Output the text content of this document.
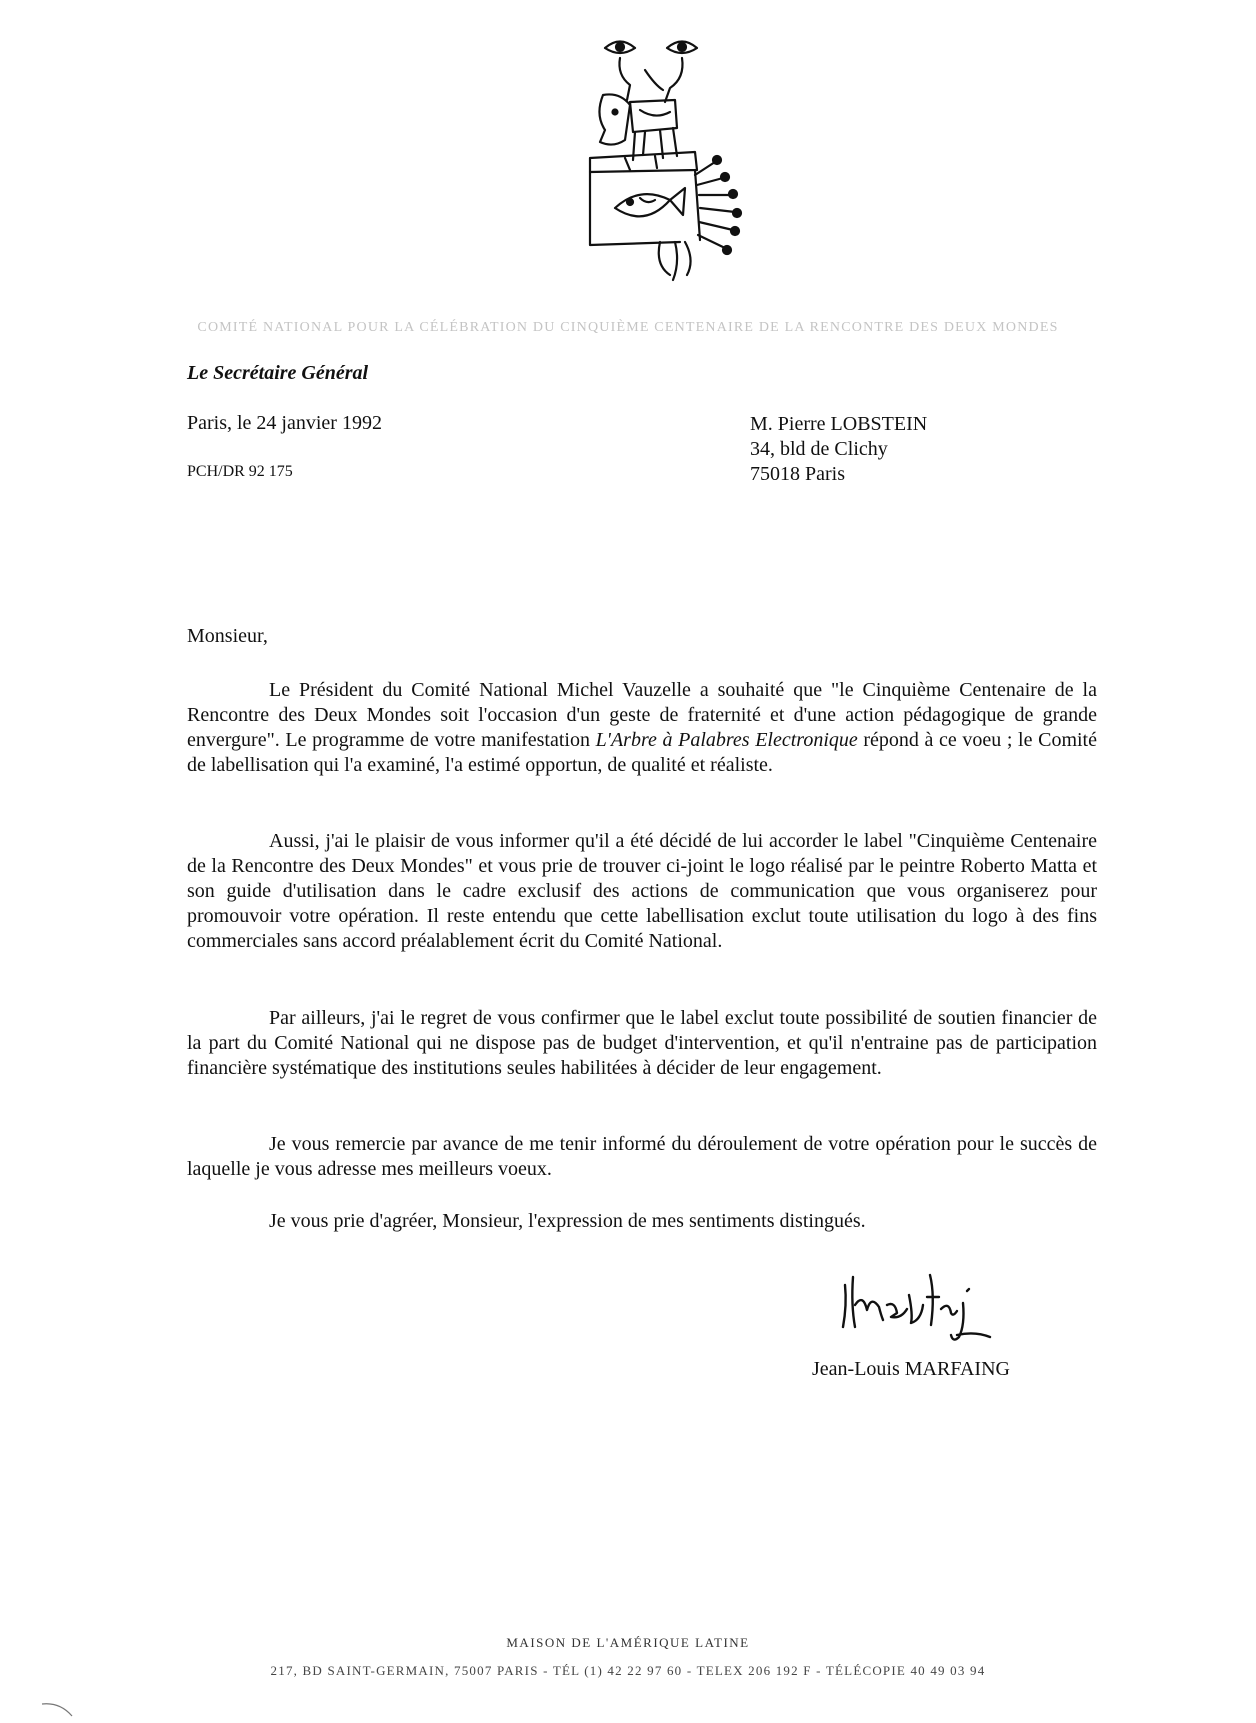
COMITÉ NATIONAL POUR LA CÉLÉBRATION DU CINQUIÈME CENTENAIRE DE LA RENCONTRE DES DEUX MONDES
Le Secrétaire Général
Paris, le 24 janvier 1992
PCH/DR 92 175
M. Pierre LOBSTEIN
34, bld de Clichy
75018 Paris
Monsieur,

Le Président du Comité National Michel Vauzelle a souhaité que "le Cinquième Centenaire de la Rencontre des Deux Mondes soit l'occasion d'un geste de fraternité et d'une action pédagogique de grande envergure". Le programme de votre manifestation L'Arbre à Palabres Electronique répond à ce voeu ; le Comité de labellisation qui l'a examiné, l'a estimé opportun, de qualité et réaliste.

Aussi, j'ai le plaisir de vous informer qu'il a été décidé de lui accorder le label "Cinquième Centenaire de la Rencontre des Deux Mondes" et vous prie de trouver ci-joint le logo réalisé par le peintre Roberto Matta et son guide d'utilisation dans le cadre exclusif des actions de communication que vous organiserez pour promouvoir votre opération. Il reste entendu que cette labellisation exclut toute utilisation du logo à des fins commerciales sans accord préalablement écrit du Comité National.

Par ailleurs, j'ai le regret de vous confirmer que le label exclut toute possibilité de soutien financier de la part du Comité National qui ne dispose pas de budget d'intervention, et qu'il n'entraine pas de participation financière systématique des institutions seules habilitées à décider de leur engagement.

Je vous remercie par avance de me tenir informé du déroulement de votre opération pour le succès de laquelle je vous adresse mes meilleurs voeux.

Je vous prie d'agréer, Monsieur, l'expression de mes sentiments distingués.

Jean-Louis MARFAING
MAISON DE L'AMÉRIQUE LATINE
217, BD SAINT-GERMAIN, 75007 PARIS - TÉL (1) 42 22 97 60 - TELEX 206 192 F - TÉLÉCOPIE 40 49 03 94
